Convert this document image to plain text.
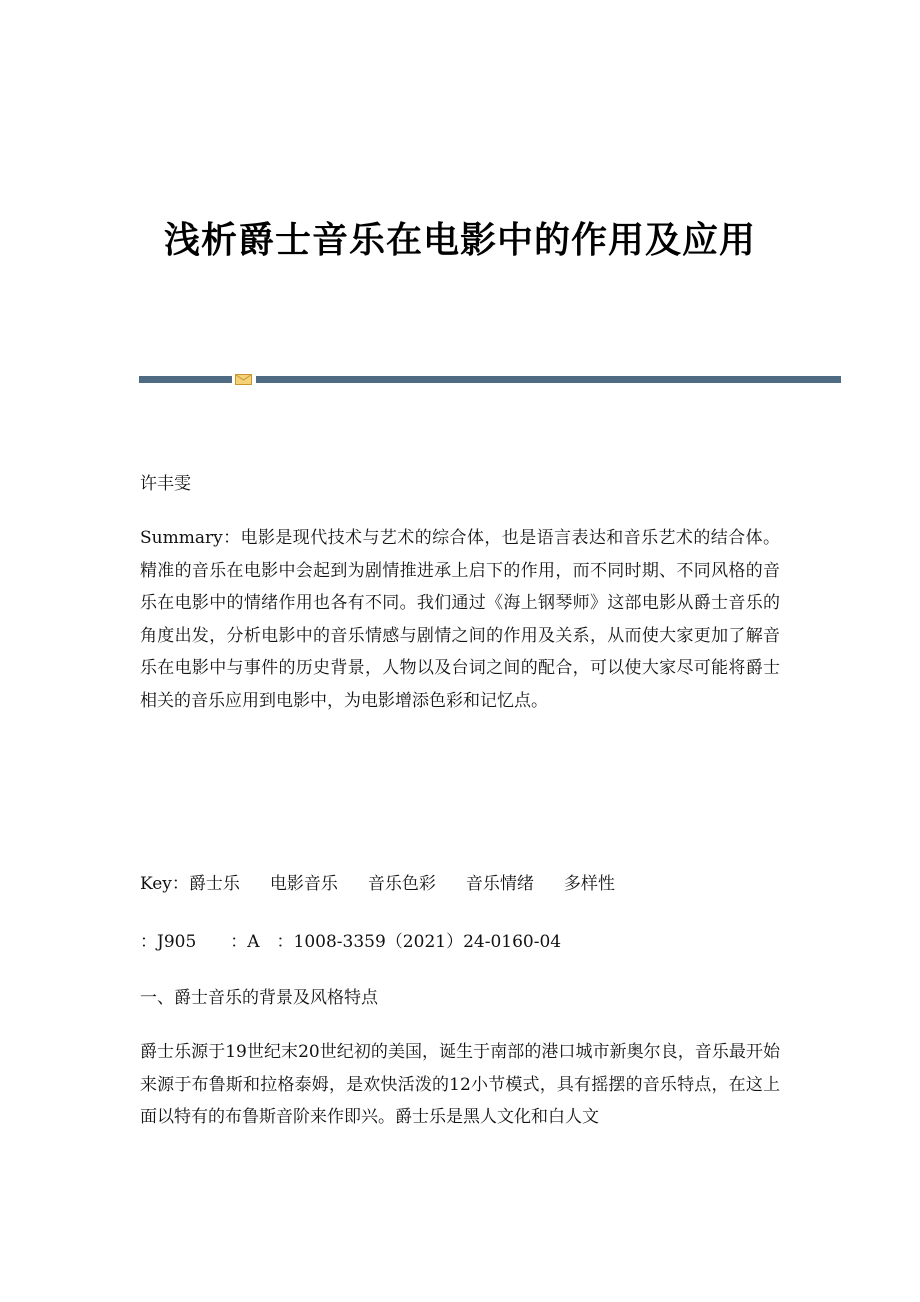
浅析爵士音乐在电影中的作用及应用
许丰雯
Summary：电影是现代技术与艺术的综合体，也是语言表达和音乐艺术的结合体。精准的音乐在电影中会起到为剧情推进承上启下的作用，而不同时期、不同风格的音乐在电影中的情绪作用也各有不同。我们通过《海上钢琴师》这部电影从爵士音乐的角度出发，分析电影中的音乐情感与剧情之间的作用及关系，从而使大家更加了解音乐在电影中与事件的历史背景，人物以及台词之间的配合，可以使大家尽可能将爵士相关的音乐应用到电影中，为电影增添色彩和记忆点。
Key：爵士乐 电影音乐 音乐色彩 音乐情绪 多样性
：J905　　：A　：1008-3359（2021）24-0160-04
一、爵士音乐的背景及风格特点
爵士乐源于19世纪末20世纪初的美国，诞生于南部的港口城市新奥尔良，音乐最开始来源于布鲁斯和拉格泰姆，是欢快活泼的12小节模式，具有摇摆的音乐特点，在这上面以特有的布鲁斯音阶来作即兴。爵士乐是黑人文化和白人文
